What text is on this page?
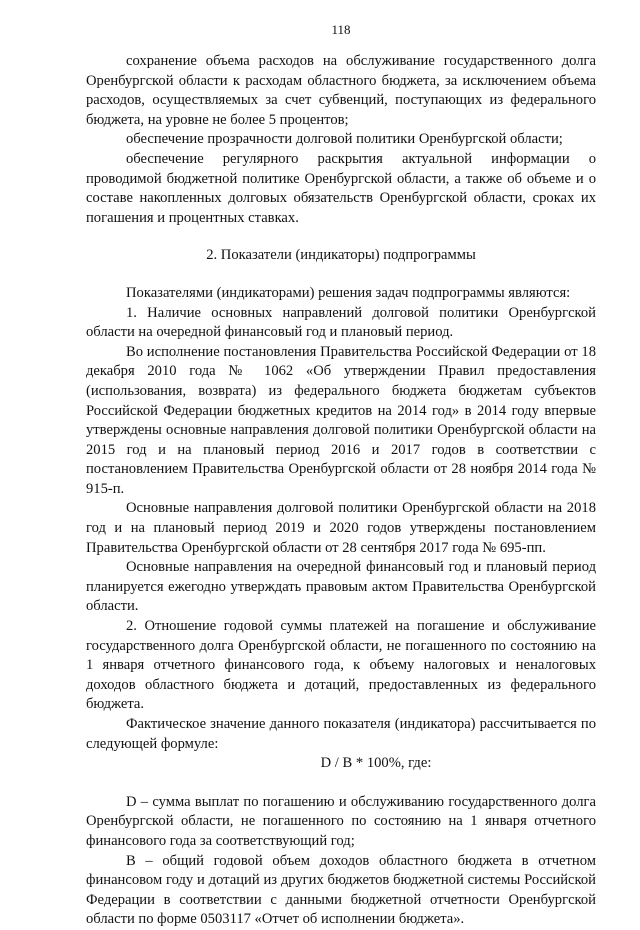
118

сохранение объема расходов на обслуживание государственного долга Оренбургской области к расходам областного бюджета, за исключением объема расходов, осуществляемых за счет субвенций, поступающих из федерального бюджета, на уровне не более 5 процентов;

обеспечение прозрачности долговой политики Оренбургской области;

обеспечение регулярного раскрытия актуальной информации о проводимой бюджетной политике Оренбургской области, а также об объеме и о составе накопленных долговых обязательств Оренбургской области, сроках их погашения и процентных ставках.

2. Показатели (индикаторы) подпрограммы

Показателями (индикаторами) решения задач подпрограммы являются:

1. Наличие основных направлений долговой политики Оренбургской области на очередной финансовый год и плановый период.

Во исполнение постановления Правительства Российской Федерации от 18 декабря 2010 года № 1062 «Об утверждении Правил предоставления (использования, возврата) из федерального бюджета бюджетам субъектов Российской Федерации бюджетных кредитов на 2014 год» в 2014 году впервые утверждены основные направления долговой политики Оренбургской области на 2015 год и на плановый период 2016 и 2017 годов в соответствии с постановлением Правительства Оренбургской области от 28 ноября 2014 года № 915-п.

Основные направления долговой политики Оренбургской области на 2018 год и на плановый период 2019 и 2020 годов утверждены постановлением Правительства Оренбургской области от 28 сентября 2017 года № 695-пп.

Основные направления на очередной финансовый год и плановый период планируется ежегодно утверждать правовым актом Правительства Оренбургской области.

2. Отношение годовой суммы платежей на погашение и обслуживание государственного долга Оренбургской области, не погашенного по состоянию на 1 января отчетного финансового года, к объему налоговых и неналоговых доходов областного бюджета и дотаций, предоставленных из федерального бюджета.

Фактическое значение данного показателя (индикатора) рассчитывается по следующей формуле:

D / B * 100%, где:

D – сумма выплат по погашению и обслуживанию государственного долга Оренбургской области, не погашенного по состоянию на 1 января отчетного финансового года за соответствующий год;

B – общий годовой объем доходов областного бюджета в отчетном финансовом году и дотаций из других бюджетов бюджетной системы Российской Федерации в соответствии с данными бюджетной отчетности Оренбургской области по форме 0503117 «Отчет об исполнении бюджета».
